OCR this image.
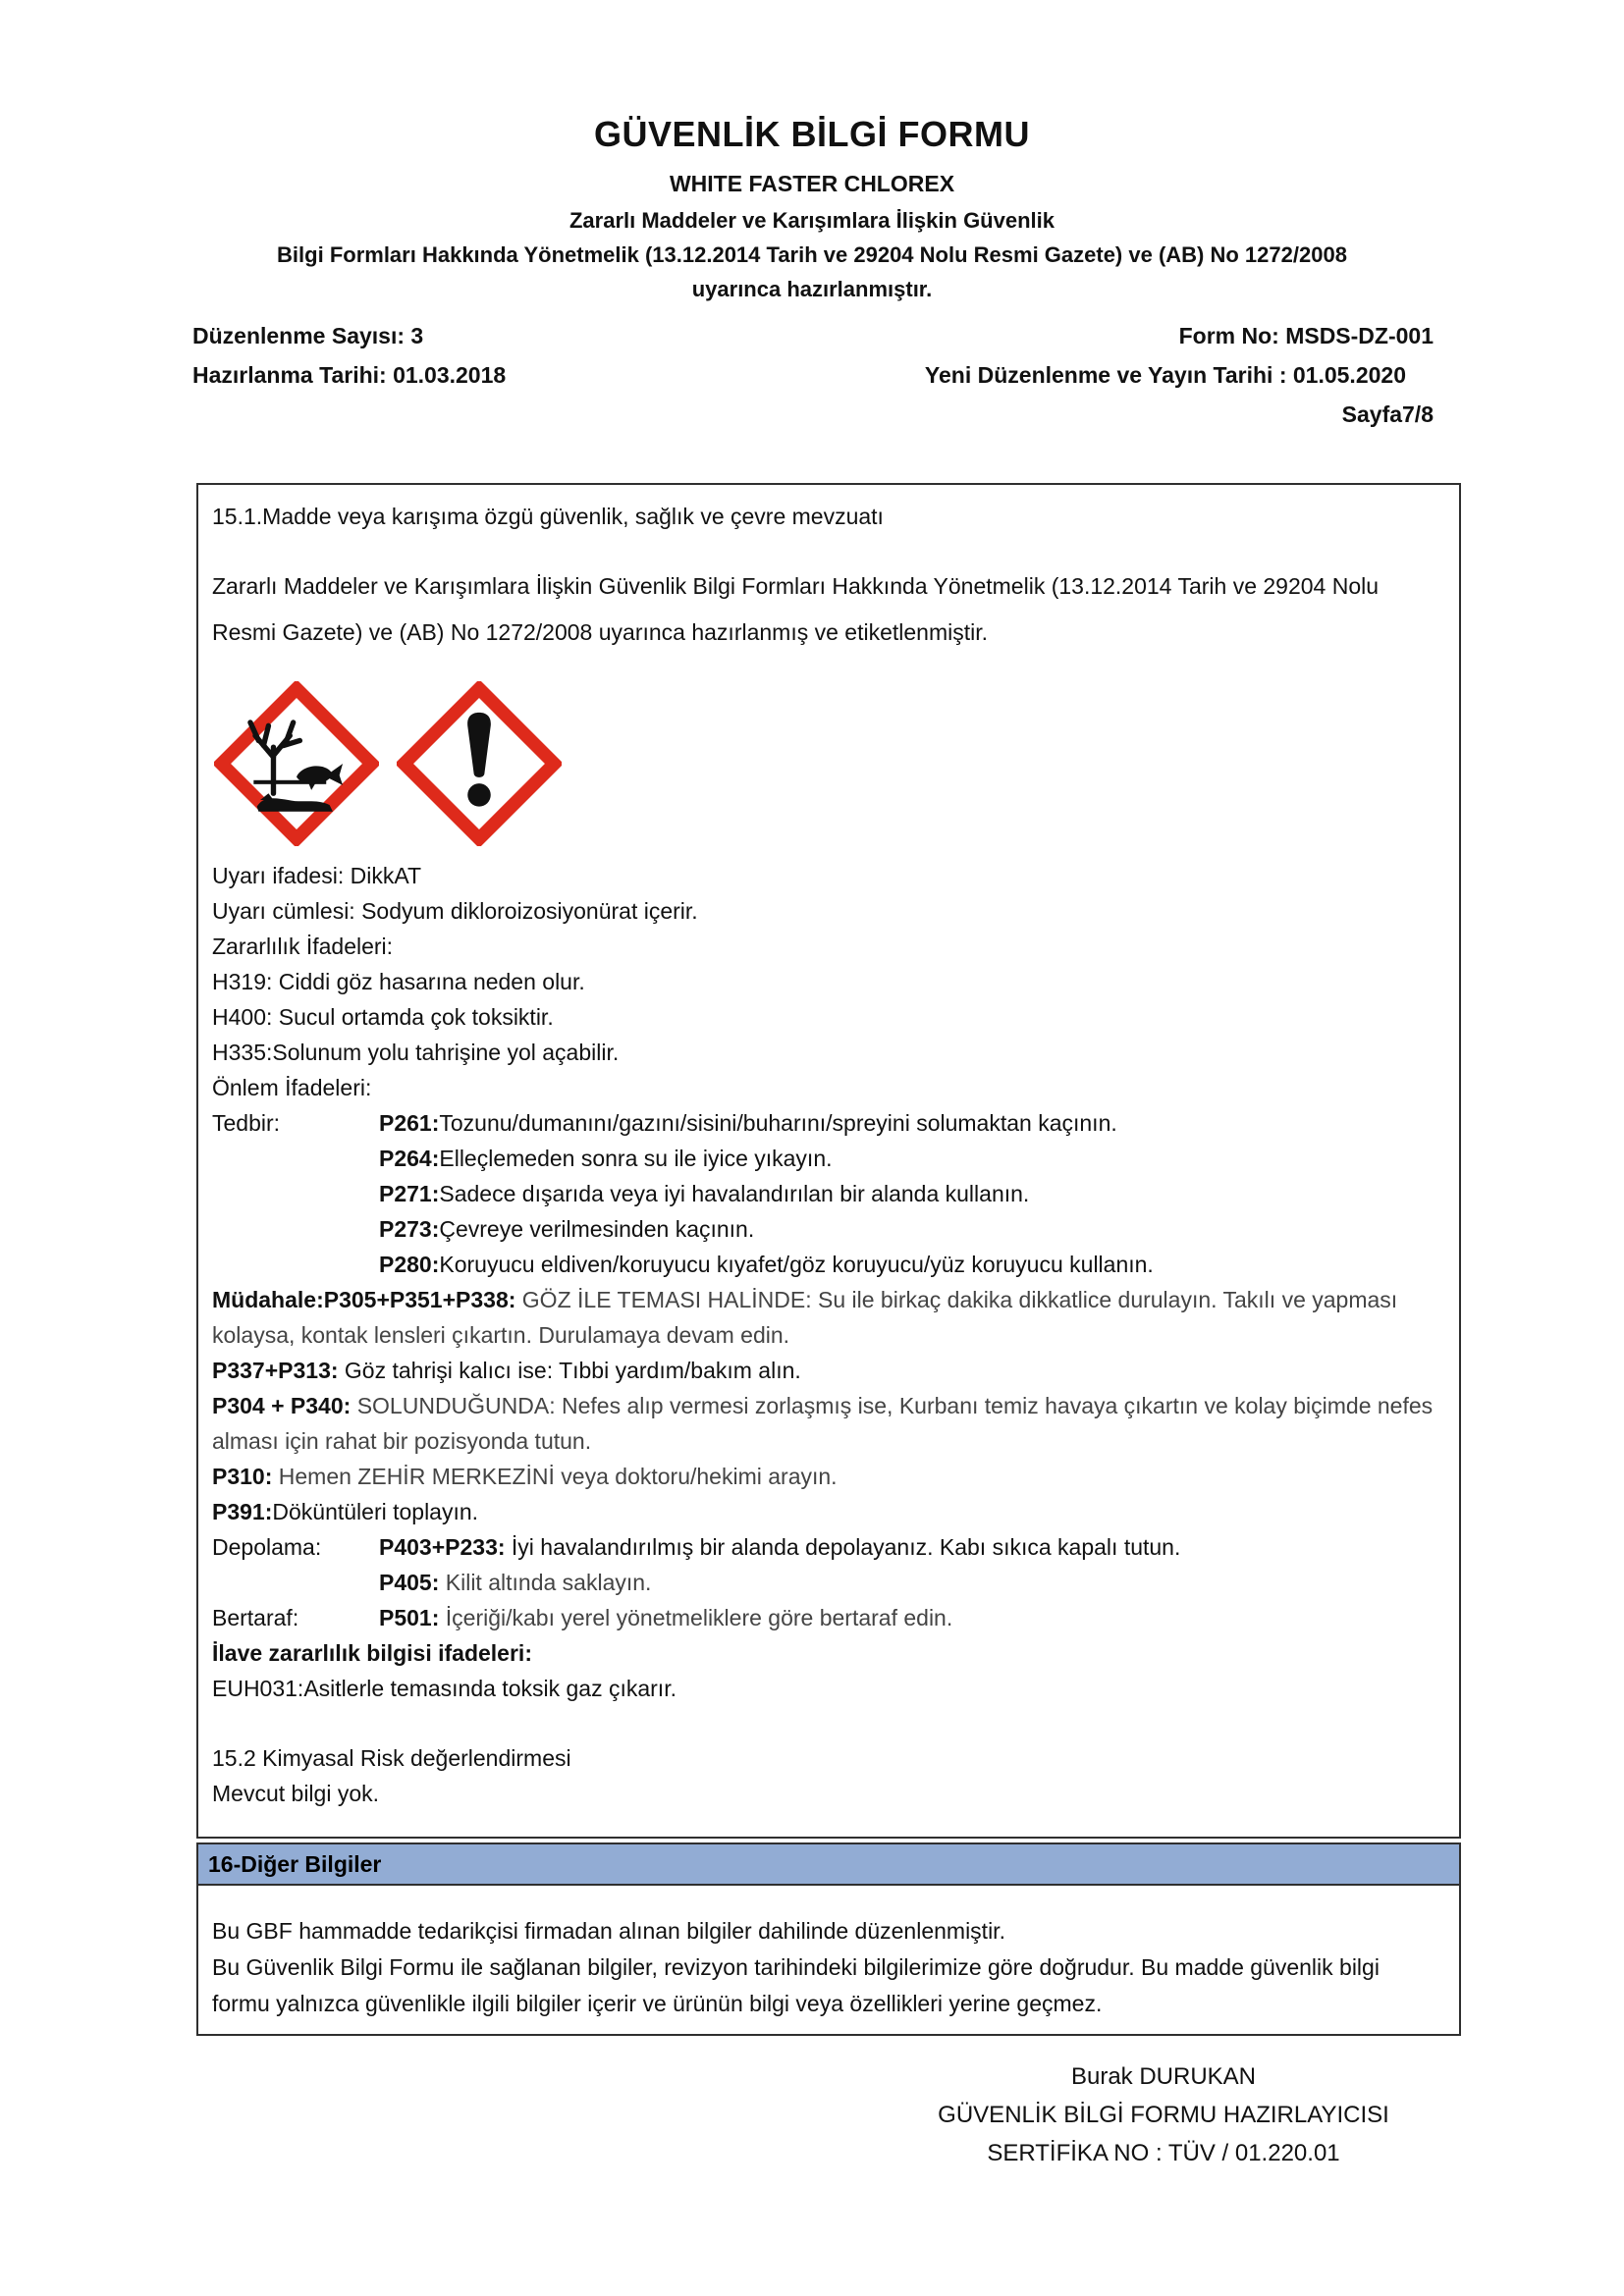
GÜVENLİK BİLGİ FORMU
WHITE FASTER CHLOREX
Zararlı Maddeler ve Karışımlara İlişkin Güvenlik
Bilgi Formları Hakkında Yönetmelik (13.12.2014 Tarih ve 29204 Nolu Resmi Gazete) ve (AB) No 1272/2008
uyarınca hazırlanmıştır.
Düzenlenme Sayısı: 3	Form No: MSDS-DZ-001
Hazırlanma Tarihi: 01.03.2018	Yeni Düzenlenme ve Yayın Tarihi : 01.05.2020
Sayfa7/8
15.1.Madde veya karışıma özgü güvenlik, sağlık ve çevre mevzuatı
Zararlı Maddeler ve Karışımlara İlişkin Güvenlik Bilgi Formları Hakkında Yönetmelik (13.12.2014 Tarih ve 29204 Nolu Resmi Gazete) ve (AB) No 1272/2008 uyarınca hazırlanmış ve etiketlenmiştir.
Uyarı ifadesi: DikkAT
Uyarı cümlesi: Sodyum dikloroizosiyonürat içerir.
Zararlılık İfadeleri:
H319: Ciddi göz hasarına neden olur.
H400: Sucul ortamda çok toksiktir.
H335:Solunum yolu tahrişine yol açabilir.
Önlem İfadeleri:
Tedbir:	P261:Tozunu/dumanını/gazını/sisini/buharını/spreyini solumaktan kaçının.
P264:Elleçlemeden sonra su ile iyice yıkayın.
P271:Sadece dışarıda veya iyi havalandırılan bir alanda kullanın.
P273:Çevreye verilmesinden kaçının.
P280:Koruyucu eldiven/koruyucu kıyafet/göz koruyucu/yüz koruyucu kullanın.
Müdahale:P305+P351+P338: GÖZ İLE TEMASI HALİNDE: Su ile birkaç dakika dikkatlice durulayın. Takılı ve yapması kolaysa, kontak lensleri çıkartın. Durulamaya devam edin.
P337+P313: Göz tahrişi kalıcı ise: Tıbbi yardım/bakım alın.
P304 + P340: SOLUNDUĞUNDA: Nefes alıp vermesi zorlaşmış ise, Kurbanı temiz havaya çıkartın ve kolay biçimde nefes alması için rahat bir pozisyonda tutun.
P310: Hemen ZEHİR MERKEZİNİ veya doktoru/hekimi arayın.
P391:Döküntüleri toplayın.
Depolama:	P403+P233: İyi havalandırılmış bir alanda depolayanız. Kabı sıkıca kapalı tutun.
P405: Kilit altında saklayın.
Bertaraf:	P501: İçeriği/kabı yerel yönetmeliklere göre bertaraf edin.
İlave zararlılık bilgisi ifadeleri:
EUH031:Asitlerle temasında toksik gaz çıkarır.
15.2 Kimyasal Risk değerlendirmesi
Mevcut bilgi yok.
16-Diğer Bilgiler

Bu GBF hammadde tedarikçisi firmadan alınan bilgiler dahilinde düzenlenmiştir.

Bu Güvenlik Bilgi Formu ile sağlanan bilgiler, revizyon tarihindeki bilgilerimize göre doğrudur. Bu madde güvenlik bilgi formu yalnızca güvenlikle ilgili bilgiler içerir ve ürünün bilgi veya özellikleri yerine geçmez.

Burak DURUKAN
GÜVENLİK BİLGİ FORMU HAZIRLAYICISI
SERTİFİKA NO : TÜV / 01.220.01
